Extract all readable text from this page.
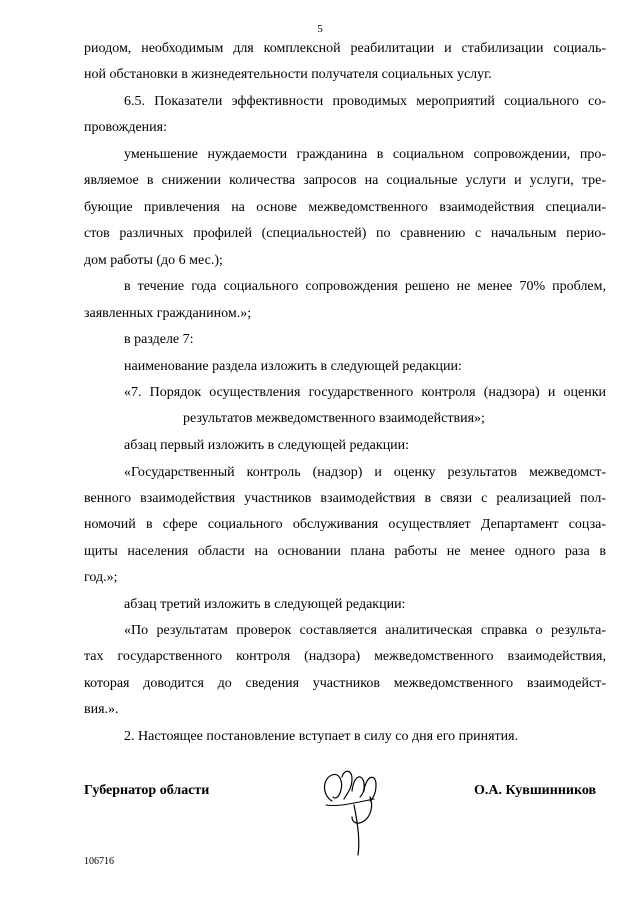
5
риодом, необходимым для комплексной реабилитации и стабилизации социаль-
ной обстановки в жизнедеятельности получателя социальных услуг.
6.5. Показатели эффективности проводимых мероприятий социального со-
провождения:
уменьшение нуждаемости гражданина в социальном сопровождении, про-
являемое в снижении количества запросов на социальные услуги и услуги, тре-
бующие привлечения на основе межведомственного взаимодействия специали-
стов различных профилей (специальностей) по сравнению с начальным перио-
дом работы (до 6 мес.);
в течение года социального сопровождения решено не менее 70% проблем,
заявленных гражданином.»;
в разделе 7:
наименование раздела изложить в следующей редакции:
«7. Порядок осуществления государственного контроля (надзора) и оценки
результатов межведомственного взаимодействия»;
абзац первый изложить в следующей редакции:
«Государственный контроль (надзор) и оценку результатов межведомст-
венного взаимодействия участников взаимодействия в связи с реализацией пол-
номочий в сфере социального обслуживания осуществляет Департамент соцза-
щиты населения области на основании плана работы не менее одного раза в
год.»;
абзац третий изложить в следующей редакции:
«По результатам проверок составляется аналитическая справка о результа-
тах государственного контроля (надзора) межведомственного взаимодействия,
которая доводится до сведения участников межведомственного взаимодейст-
вия.».
2. Настоящее постановление вступает в силу со дня его принятия.
Губернатор области	О.А. Кувшинников
106716
